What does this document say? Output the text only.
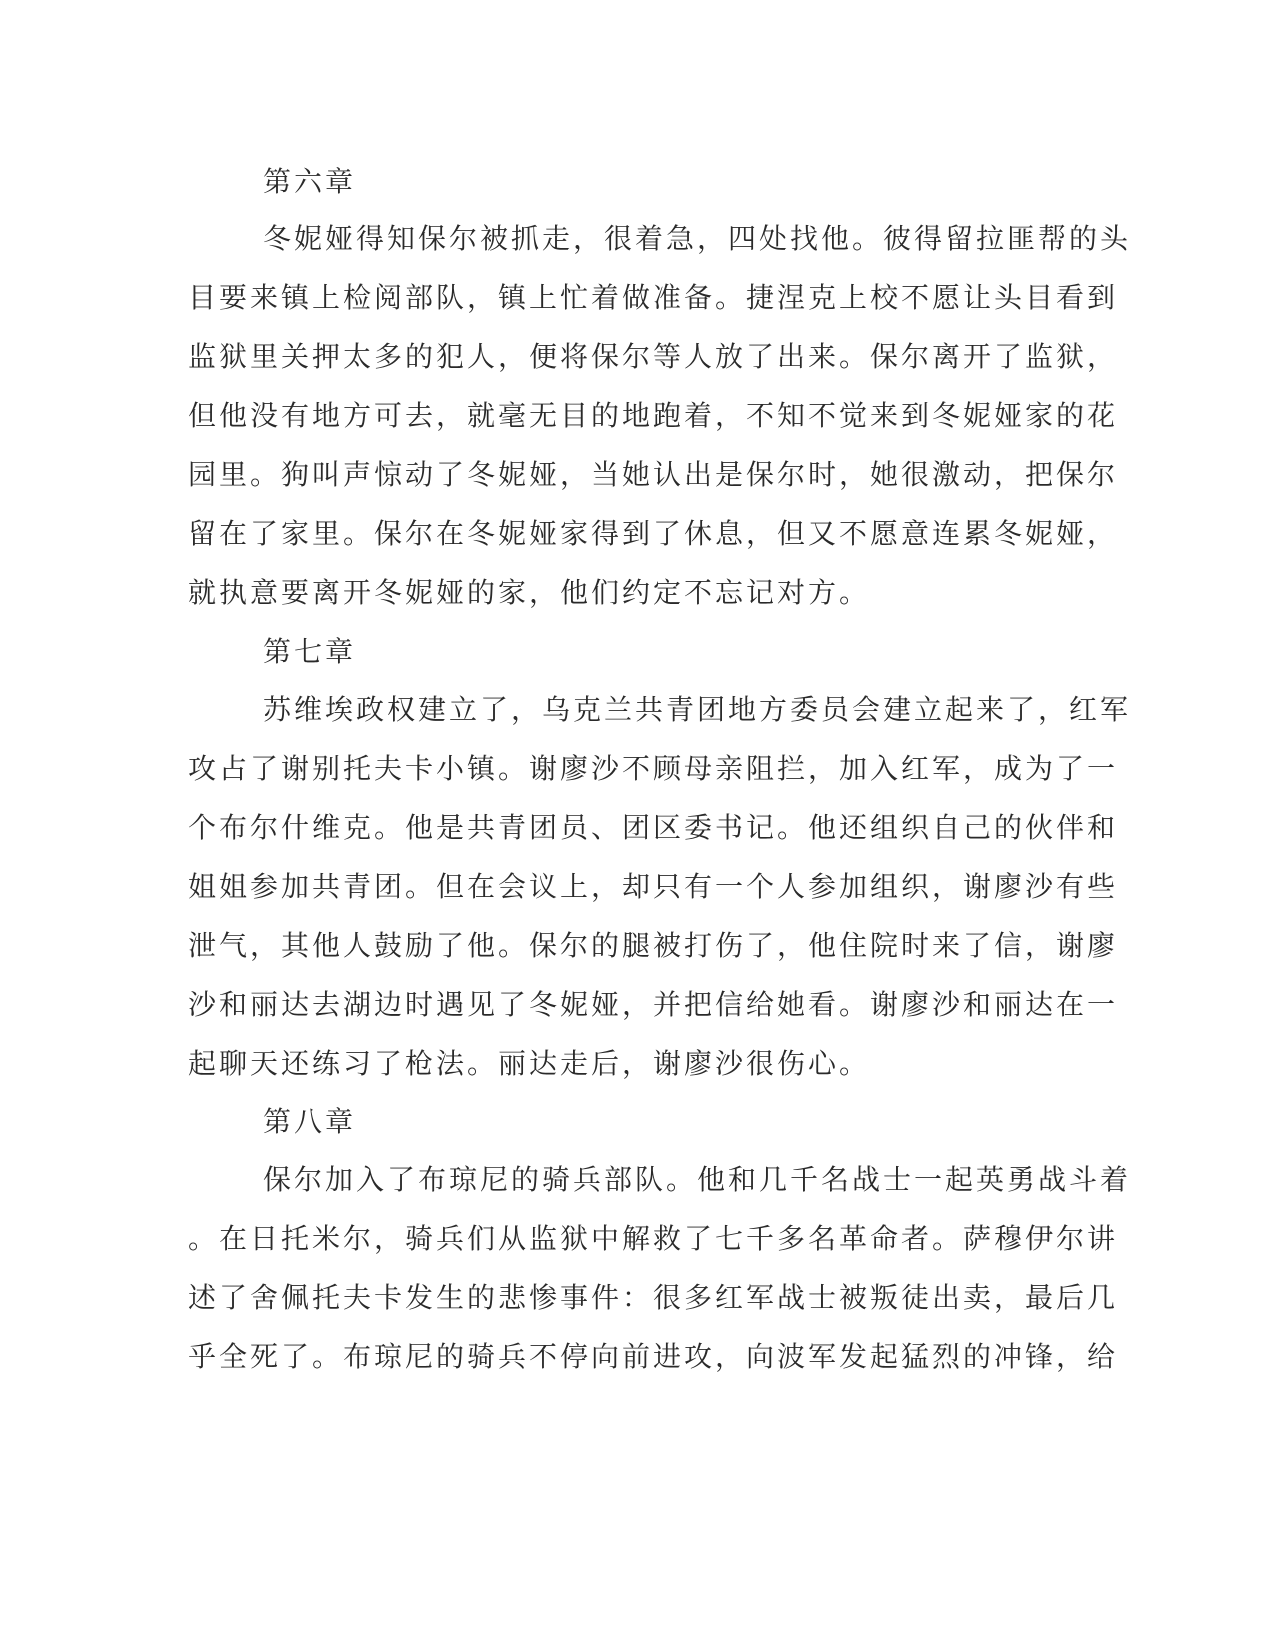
第六章
冬妮娅得知保尔被抓走，很着急，四处找他。彼得留拉匪帮的头
目要来镇上检阅部队，镇上忙着做准备。捷涅克上校不愿让头目看到
监狱里关押太多的犯人，便将保尔等人放了出来。保尔离开了监狱，
但他没有地方可去，就毫无目的地跑着，不知不觉来到冬妮娅家的花
园里。狗叫声惊动了冬妮娅，当她认出是保尔时，她很激动，把保尔
留在了家里。保尔在冬妮娅家得到了休息，但又不愿意连累冬妮娅，
就执意要离开冬妮娅的家，他们约定不忘记对方。
第七章
苏维埃政权建立了，乌克兰共青团地方委员会建立起来了，红军
攻占了谢别托夫卡小镇。谢廖沙不顾母亲阻拦，加入红军，成为了一
个布尔什维克。他是共青团员、团区委书记。他还组织自己的伙伴和
姐姐参加共青团。但在会议上，却只有一个人参加组织，谢廖沙有些
泄气，其他人鼓励了他。保尔的腿被打伤了，他住院时来了信，谢廖
沙和丽达去湖边时遇见了冬妮娅，并把信给她看。谢廖沙和丽达在一
起聊天还练习了枪法。丽达走后，谢廖沙很伤心。
第八章
保尔加入了布琼尼的骑兵部队。他和几千名战士一起英勇战斗着
。在日托米尔，骑兵们从监狱中解救了七千多名革命者。萨穆伊尔讲
述了舍佩托夫卡发生的悲惨事件：很多红军战士被叛徒出卖，最后几
乎全死了。布琼尼的骑兵不停向前进攻，向波军发起猛烈的冲锋，给
